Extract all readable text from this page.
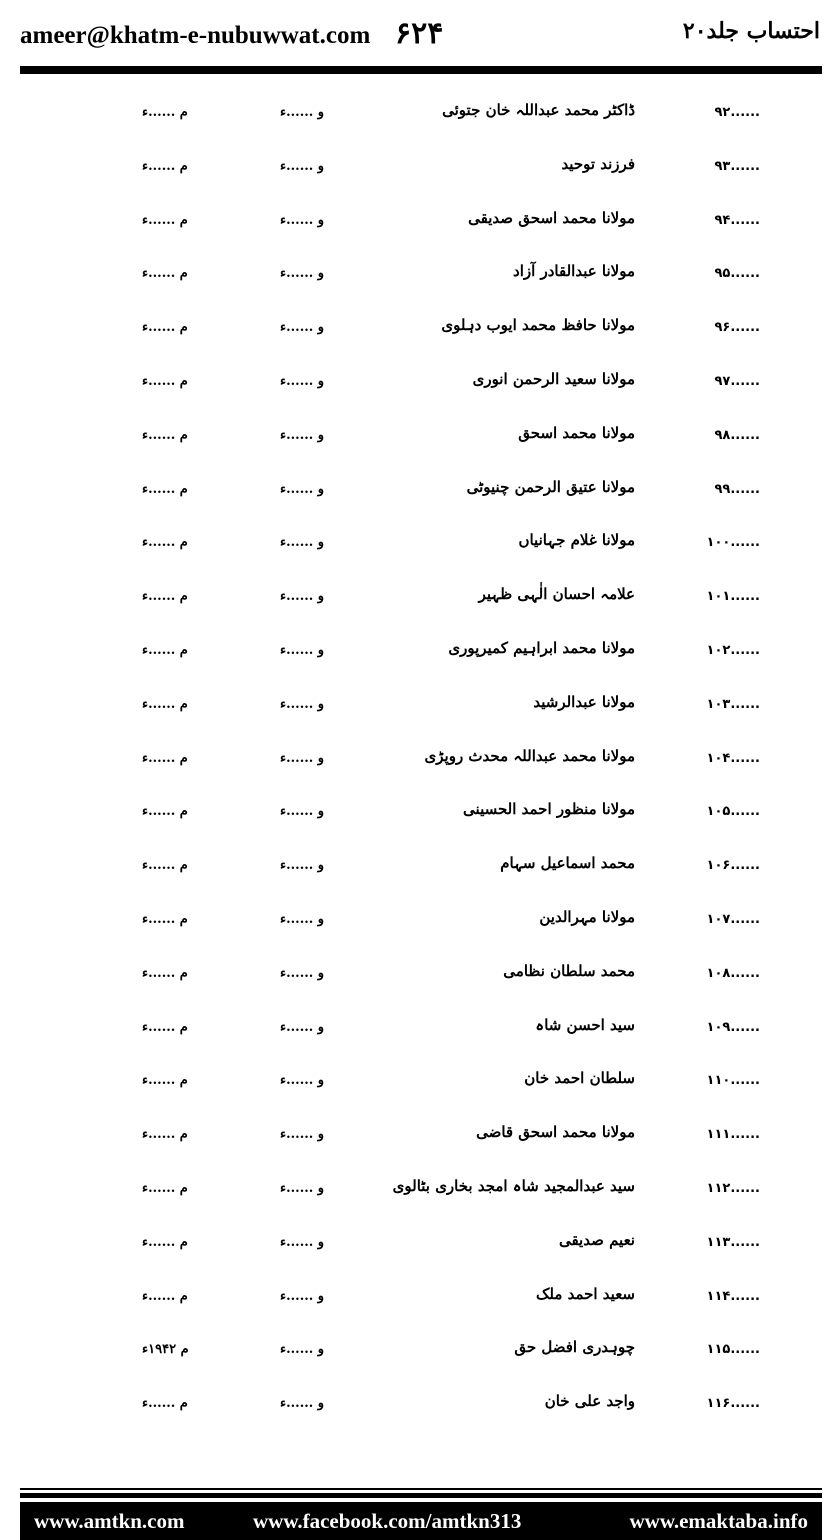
ameer@khatm-e-nubuwwat.com ۶۲۴	احتساب جلد۲۰
......۹۲
ڈاکٹر محمد عبداللہ خان جتوئی
و ......ء
م ......ء
......۹۳
فرزند توحید
و ......ء
م ......ء
......۹۴
مولانا محمد اسحق صدیقی
و ......ء
م ......ء
......۹۵
مولانا عبدالقادر آزاد
و ......ء
م ......ء
......۹۶
مولانا حافظ محمد ایوب دہلوی
و ......ء
م ......ء
......۹۷
مولانا سعید الرحمن انوری
و ......ء
م ......ء
......۹۸
مولانا محمد اسحق
و ......ء
م ......ء
......۹۹
مولانا عتیق الرحمن چنیوٹی
و ......ء
م ......ء
......۱۰۰
مولانا غلام جہانیاں
و ......ء
م ......ء
......۱۰۱
علامہ احسان الٰہی ظہیر
و ......ء
م ......ء
......۱۰۲
مولانا محمد ابراہیم کمیرپوری
و ......ء
م ......ء
......۱۰۳
مولانا عبدالرشید
و ......ء
م ......ء
......۱۰۴
مولانا محمد عبداللہ محدث روپڑی
و ......ء
م ......ء
......۱۰۵
مولانا منظور احمد الحسینی
و ......ء
م ......ء
......۱۰۶
محمد اسماعیل سہام
و ......ء
م ......ء
......۱۰۷
مولانا مہرالدین
و ......ء
م ......ء
......۱۰۸
محمد سلطان نظامی
و ......ء
م ......ء
......۱۰۹
سید احسن شاہ
و ......ء
م ......ء
......۱۱۰
سلطان احمد خان
و ......ء
م ......ء
......۱۱۱
مولانا محمد اسحق قاضی
و ......ء
م ......ء
......۱۱۲
سید عبدالمجید شاہ امجد بخاری بٹالوی
و ......ء
م ......ء
......۱۱۳
نعیم صدیقی
و ......ء
م ......ء
......۱۱۴
سعید احمد ملک
و ......ء
م ......ء
......۱۱۵
چوہدری افضل حق
و ......ء
م ۱۹۴۲ء
......۱۱۶
واجد علی خان
و ......ء
م ......ء
www.amtkn.com	www.facebook.com/amtkn313	www.emaktaba.info
